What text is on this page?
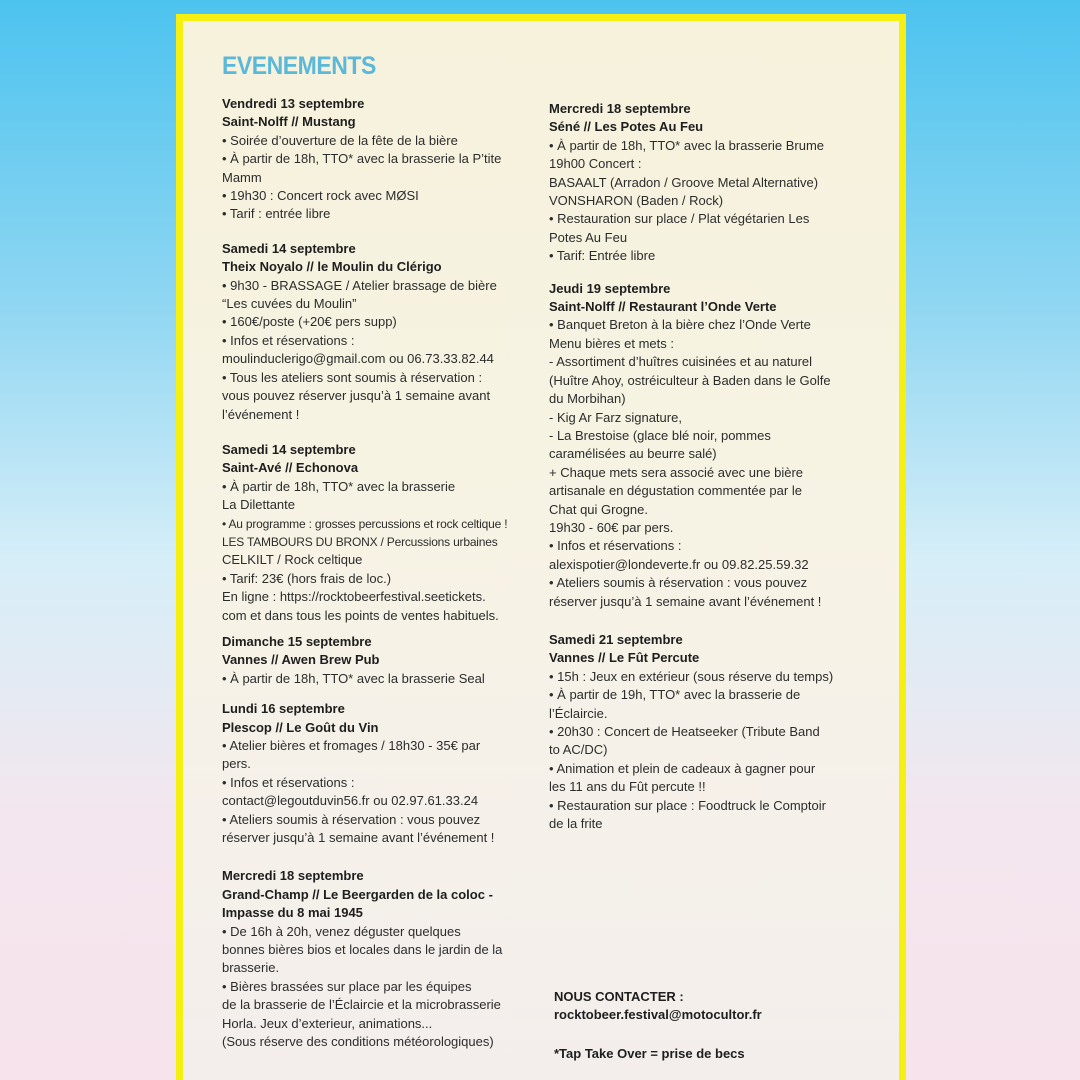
EVENEMENTS
Vendredi 13 septembre
Saint-Nolff // Mustang
• Soirée d’ouverture de la fête de la bière
• À partir de 18h, TTO* avec la brasserie la P’tite
Mamm
• 19h30 : Concert rock avec MØSI
• Tarif : entrée libre
Samedi 14 septembre
Theix Noyalo // le Moulin du Clérigo
• 9h30 - BRASSAGE / Atelier brassage de bière
“Les cuvées du Moulin”
• 160€/poste (+20€ pers supp)
• Infos et réservations :
moulinduclerigo@gmail.com ou 06.73.33.82.44
• Tous les ateliers sont soumis à réservation :
vous pouvez réserver jusqu’à 1 semaine avant
l’événement !
Samedi 14 septembre
Saint-Avé // Echonova
• À partir de 18h, TTO* avec la brasserie
La Dilettante
• Au programme : grosses percussions et rock celtique !
LES TAMBOURS DU BRONX / Percussions urbaines
CELKILT / Rock celtique
• Tarif: 23€ (hors frais de loc.)
En ligne : https://rocktobeerfestival.seetickets.
com et dans tous les points de ventes habituels.
Dimanche 15 septembre
Vannes // Awen Brew Pub
• À partir de 18h, TTO* avec la brasserie Seal
Lundi 16 septembre
Plescop // Le Goût du Vin
• Atelier bières et fromages / 18h30 - 35€ par
pers.
• Infos et réservations :
contact@legoutduvin56.fr ou 02.97.61.33.24
• Ateliers soumis à réservation : vous pouvez
réserver jusqu’à 1 semaine avant l’événement !
Mercredi 18 septembre
Grand-Champ // Le Beergarden de la coloc -
Impasse du 8 mai 1945
• De 16h à 20h, venez déguster quelques
bonnes bières bios et locales dans le jardin de la
brasserie.
• Bières brassées sur place par les équipes
de la brasserie de l’Éclaircie et la microbrasserie
Horla. Jeux d’exterieur, animations...
(Sous réserve des conditions météorologiques)
Mercredi 18 septembre
Séné // Les Potes Au Feu
• À partir de 18h, TTO* avec la brasserie Brume
19h00 Concert :
BASAALT (Arradon / Groove Metal Alternative)
VONSHARON (Baden / Rock)
• Restauration sur place / Plat végétarien Les
Potes Au Feu
• Tarif: Entrée libre
Jeudi 19 septembre
Saint-Nolff // Restaurant l’Onde Verte
• Banquet Breton à la bière chez l’Onde Verte
Menu bières et mets :
- Assortiment d’huîtres cuisinées et au naturel
(Huître Ahoy, ostréiculteur à Baden dans le Golfe
du Morbihan)
- Kig Ar Farz signature,
- La Brestoise (glace blé noir, pommes
caramélisées au beurre salé)
+ Chaque mets sera associé avec une bière
artisanale en dégustation commentée par le
Chat qui Grogne.
19h30 - 60€ par pers.
• Infos et réservations :
alexispotier@londeverte.fr ou 09.82.25.59.32
• Ateliers soumis à réservation : vous pouvez
réserver jusqu’à 1 semaine avant l’événement !
Samedi 21 septembre
Vannes // Le Fût Percute
• 15h : Jeux en extérieur (sous réserve du temps)
• À partir de 19h, TTO* avec la brasserie de
l’Éclaircie.
• 20h30 : Concert de Heatseeker (Tribute Band
to AC/DC)
• Animation et plein de cadeaux à gagner pour
les 11 ans du Fût percute !!
• Restauration sur place : Foodtruck le Comptoir
de la frite
NOUS CONTACTER :
rocktobeer.festival@motocultor.fr
*Tap Take Over = prise de becs
